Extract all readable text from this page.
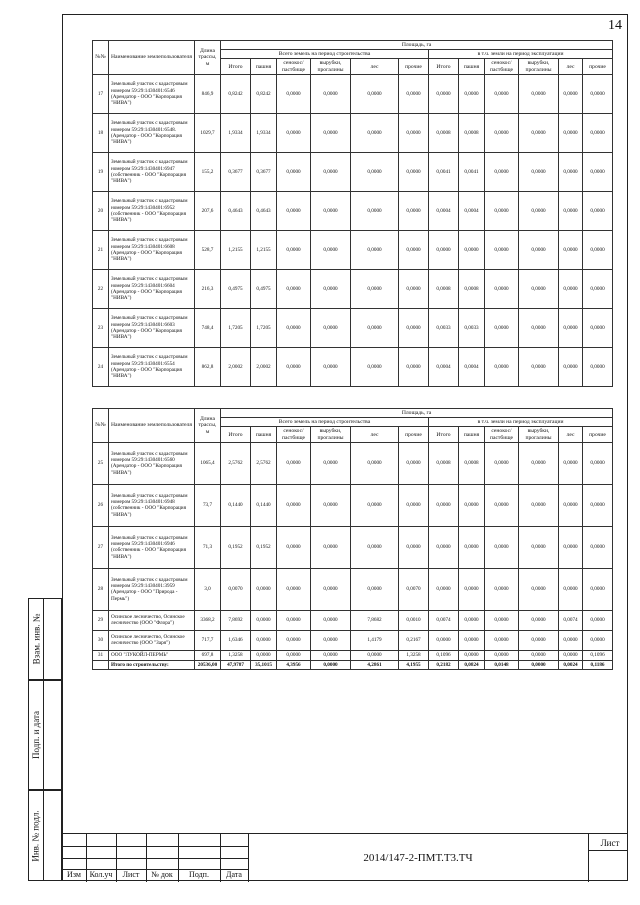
14
№№	Наименование землепользователя	Длина трассы, м	Площадь, га											
			Всего земель на период строительства						в т.ч. земли на период эксплуатации					
			Итого	пашня	сенокос/ пастбище	вырубки, прогалины	лес	прочие	Итого	пашня	сенокос/ пастбище	вырубки, прогалины	лес	прочие
17	Земельный участок с кадастровым номером 59:29:1430401:6546 (Арендатор - ООО "Корпорация "НИВА")	846,9	0,8242	0,8242	0,0000	0,0000	0,0000	0,0000	0,0000	0,0000	0,0000	0,0000	0,0000	0,0000
18	Земельный участок с кадастровым номером 59:29:1430401:6548. (Арендатор - ООО "Корпорация "НИВА")	1029,7	1,9334	1,9334	0,0000	0,0000	0,0000	0,0000	0,0008	0,0008	0,0000	0,0000	0,0000	0,0000
19	Земельный участок с кадастровым номером 59:29:1430401:6947 (собственник - ООО "Корпорация "НИВА")	155,2	0,3677	0,3677	0,0000	0,0000	0,0000	0,0000	0,0041	0,0041	0,0000	0,0000	0,0000	0,0000
20	Земельный участок с кадастровым номером 59:29:1430401:6952 (собственник - ООО "Корпорация "НИВА")	207,6	0,4643	0,4643	0,0000	0,0000	0,0000	0,0000	0,0004	0,0004	0,0000	0,0000	0,0000	0,0000
21	Земельный участок с кадастровым номером 59:29:1430401:6608 (Арендатор - ООО "Корпорация "НИВА")	528,7	1,2155	1,2155	0,0000	0,0000	0,0000	0,0000	0,0000	0,0000	0,0000	0,0000	0,0000	0,0000
22	Земельный участок с кадастровым номером 59:29:1430401:6604 (Арендатор - ООО "Корпорация "НИВА")	216,3	0,4975	0,4975	0,0000	0,0000	0,0000	0,0000	0,0008	0,0008	0,0000	0,0000	0,0000	0,0000
23	Земельный участок с кадастровым номером 59:29:1430401:6603 (Арендатор - ООО "Корпорация "НИВА")	748,4	1,7205	1,7205	0,0000	0,0000	0,0000	0,0000	0,0033	0,0033	0,0000	0,0000	0,0000	0,0000
24	Земельный участок с кадастровым номером 59:29:1430401:6554 (Арендатор - ООО "Корпорация "НИВА")	862,8	2,0002	2,0002	0,0000	0,0000	0,0000	0,0000	0,0004	0,0004	0,0000	0,0000	0,0000	0,0000
№№	Наименование землепользователя	Длина трассы, м	Площадь, га											
			Всего земель на период строительства						в т.ч. земли на период эксплуатации					
			Итого	пашня	сенокос/ пастбище	вырубки, прогалины	лес	прочие	Итого	пашня	сенокос/ пастбище	вырубки, прогалины	лес	прочие
25	Земельный участок с кадастровым номером 59:29:1430401:6560 (Арендатор - ООО "Корпорация "НИВА")	1065,4	2,5762	2,5762	0,0000	0,0000	0,0000	0,0000	0,0008	0,0008	0,0000	0,0000	0,0000	0,0000
26	Земельный участок с кадастровым номером 59:29:1430401:6948 (собственник - ООО "Корпорация "НИВА")	73,7	0,1440	0,1440	0,0000	0,0000	0,0000	0,0000	0,0000	0,0000	0,0000	0,0000	0,0000	0,0000
27	Земельный участок с кадастровым номером 59:29:1430401:6946 (собственник - ООО "Корпорация "НИВА")	71,3	0,1952	0,1952	0,0000	0,0000	0,0000	0,0000	0,0000	0,0000	0,0000	0,0000	0,0000	0,0000
28	Земельный участок с кадастровым номером 59:29:1430401:3959 (Арендатор - ООО "Природа - Пермь")	3,0	0,0070	0,0000	0,0000	0,0000	0,0000	0,0070	0,0000	0,0000	0,0000	0,0000	0,0000	0,0000
29	Осинское лесничество, Осинское лесничество (ООО "Флора")	3368,2	7,8692	0,0000	0,0000	0,0000	7,8682	0,0010	0,0074	0,0000	0,0000	0,0000	0,0074	0,0000
30	Осинское лесничество, Осинское лесничество (ООО "Заря")	717,7	1,6346	0,0000	0,0000	0,0000	1,4179	0,2167	0,0000	0,0000	0,0000	0,0000	0,0000	0,0000
31	ООО "ЛУКОЙЛ-ПЕРМЬ"	697,8	1,3258	0,0000	0,0000	0,0000	0,0000	1,3258	0,1096	0,0000	0,0000	0,0000	0,0000	0,1096
	Итого по строительству:	20536,00	47,9787	35,1015	4,3956	0,0000	4,2861	4,1955	0,2182	0,0824	0,0148	0,0000	0,0024	0,1186
Взам. инв. №
Подп. и дата
Инв. № подл.
Изм	Кол.уч	Лист	№ док	Подп.	Дата
2014/147-2-ПМТ.Т3.ТЧ
Лист
